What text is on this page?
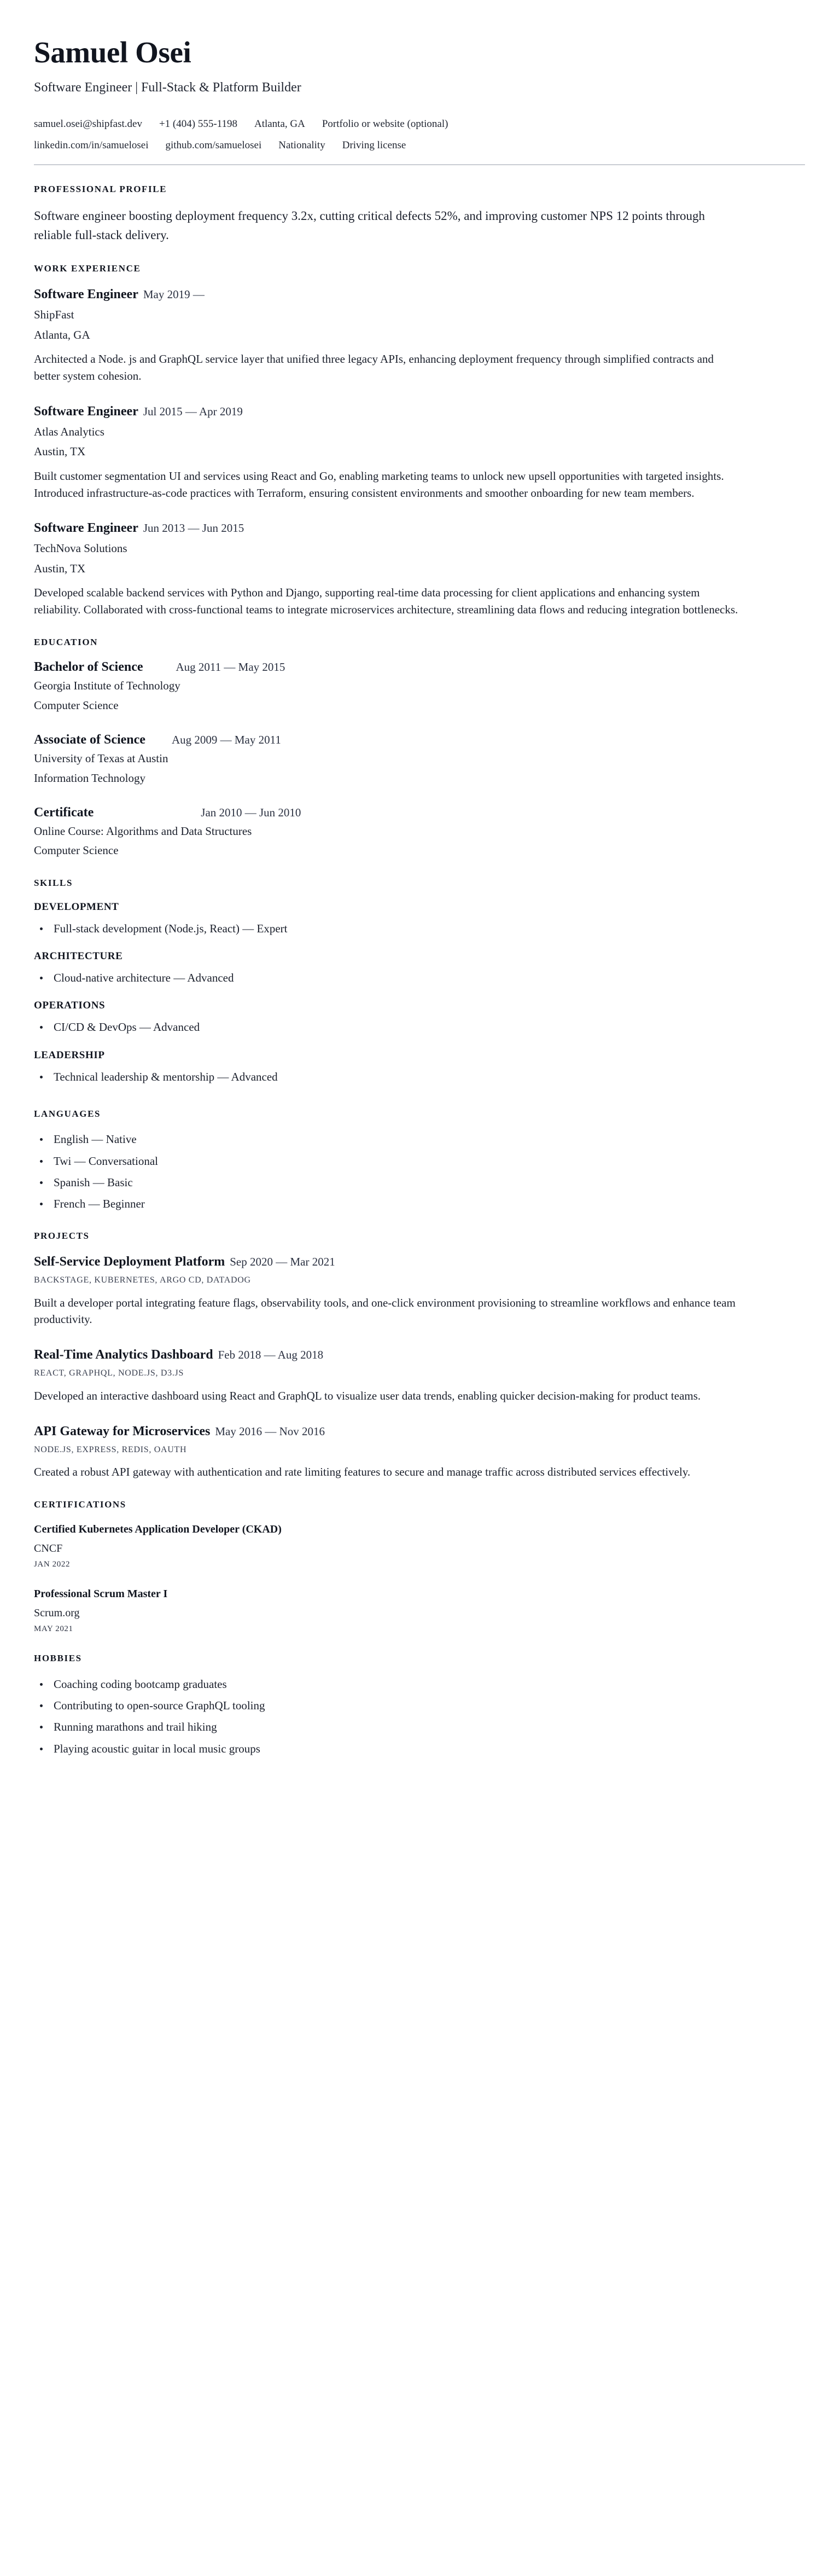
Samuel Osei
Software Engineer | Full-Stack & Platform Builder
samuel.osei@shipfast.dev +1 (404) 555-1198 Atlanta, GA Portfolio or website (optional)
linkedin.com/in/samuelosei github.com/samuelosei Nationality Driving license
PROFESSIONAL PROFILE

Software engineer boosting deployment frequency 3.2x, cutting critical defects 52%, and improving customer NPS 12 points through reliable full-stack delivery.

WORK EXPERIENCE
Software Engineer May 2019 —
ShipFast
Atlanta, GA
Architected a Node. js and GraphQL service layer that unified three legacy APIs, enhancing deployment frequency through simplified contracts and better system cohesion.
Software Engineer Jul 2015 — Apr 2019
Atlas Analytics
Austin, TX
Built customer segmentation UI and services using React and Go, enabling marketing teams to unlock new upsell opportunities with targeted insights. Introduced infrastructure-as-code practices with Terraform, ensuring consistent environments and smoother onboarding for new team members.
Software Engineer Jun 2013 — Jun 2015
TechNova Solutions
Austin, TX
Developed scalable backend services with Python and Django, supporting real-time data processing for client applications and enhancing system reliability. Collaborated with cross-functional teams to integrate microservices architecture, streamlining data flows and reducing integration bottlenecks.
EDUCATION
Bachelor of Science	Aug 2011 — May 2015
Georgia Institute of Technology
Computer Science
Associate of Science Aug 2009 — May 2011
University of Texas at Austin
Information Technology
Certificate	Jan 2010 — Jun 2010
Online Course: Algorithms and Data Structures
Computer Science
SKILLS
DEVELOPMENT
Full-stack development (Node.js, React) — Expert
ARCHITECTURE
Cloud-native architecture — Advanced
OPERATIONS
CI/CD & DevOps — Advanced
LEADERSHIP
Technical leadership & mentorship — Advanced
LANGUAGES
English — Native
Twi — Conversational
Spanish — Basic
French — Beginner
PROJECTS
Self-Service Deployment Platform Sep 2020 — Mar 2021
BACKSTAGE, KUBERNETES, ARGO CD, DATADOG
Built a developer portal integrating feature flags, observability tools, and one-click environment provisioning to streamline workflows and enhance team productivity.
Real-Time Analytics Dashboard Feb 2018 — Aug 2018
REACT, GRAPHQL, NODE.JS, D3.JS
Developed an interactive dashboard using React and GraphQL to visualize user data trends, enabling quicker decision-making for product teams.
API Gateway for Microservices May 2016 — Nov 2016
NODE.JS, EXPRESS, REDIS, OAUTH
Created a robust API gateway with authentication and rate limiting features to secure and manage traffic across distributed services effectively.
CERTIFICATIONS
Certified Kubernetes Application Developer (CKAD)
CNCF
JAN 2022
Professional Scrum Master I
Scrum.org
MAY 2021
HOBBIES
Coaching coding bootcamp graduates
Contributing to open-source GraphQL tooling
Running marathons and trail hiking
Playing acoustic guitar in local music groups
